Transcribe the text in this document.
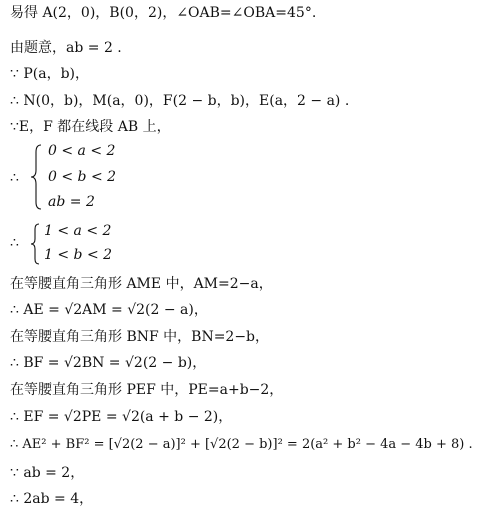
易得 A(2，0)，B(0，2)，∠OAB=∠OBA=45°.
由题意，ab = 2 .
∵ P(a，b)，
∴ N(0，b)，M(a，0)，F(2 − b，b)，E(a，2 − a) .
∵E，F 都在线段 AB 上，
∴
0 < a < 2
0 < b < 2
ab = 2
∴
1 < a < 2
1 < b < 2
在等腰直角三角形 AME 中，AM=2−a，
∴ AE = √2AM = √2(2 − a)，
在等腰直角三角形 BNF 中，BN=2−b，
∴ BF = √2BN = √2(2 − b)，
在等腰直角三角形 PEF 中，PE=a+b−2，
∴ EF = √2PE = √2(a + b − 2)，
∴ AE² + BF² = [√2(2 − a)]² + [√2(2 − b)]² = 2(a² + b² − 4a − 4b + 8) .
∵ ab = 2，
∴ 2ab = 4，
